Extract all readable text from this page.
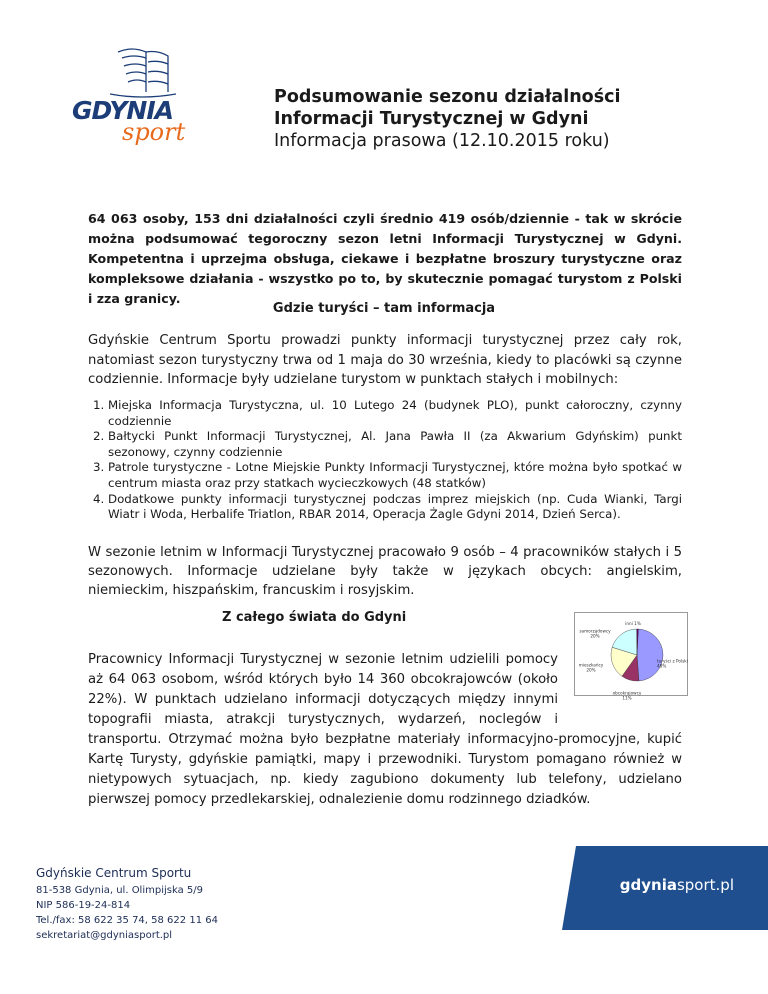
GDYNIA
sport
Podsumowanie sezonu działalności
Informacji Turystycznej w Gdyni
Informacja prasowa (12.10.2015 roku)
64 063 osoby, 153 dni działalności czyli średnio 419 osób/dziennie - tak w skrócie można podsumować tegoroczny sezon letni Informacji Turystycznej w Gdyni. Kompetentna i uprzejma obsługa, ciekawe i bezpłatne broszury turystyczne oraz kompleksowe działania - wszystko po to, by skutecznie pomagać turystom z Polski i zza granicy.
Gdzie turyści – tam informacja
Gdyńskie Centrum Sportu prowadzi punkty informacji turystycznej przez cały rok, natomiast sezon turystyczny trwa od 1 maja do 30 września, kiedy to placówki są czynne codziennie. Informacje były udzielane turystom w punktach stałych i mobilnych:
1. Miejska Informacja Turystyczna, ul. 10 Lutego 24 (budynek PLO), punkt całoroczny, czynny codziennie
2. Bałtycki Punkt Informacji Turystycznej, Al. Jana Pawła II (za Akwarium Gdyńskim) punkt sezonowy, czynny codziennie
3. Patrole turystyczne - Lotne Miejskie Punkty Informacji Turystycznej, które można było spotkać w centrum miasta oraz przy statkach wycieczkowych (48 statków)
4. Dodatkowe punkty informacji turystycznej podczas imprez miejskich (np. Cuda Wianki, Targi Wiatr i Woda, Herbalife Triatlon, RBAR 2014, Operacja Żagle Gdyni 2014, Dzień Serca).
W sezonie letnim w Informacji Turystycznej pracowało 9 osób – 4 pracowników stałych i 5 sezonowych. Informacje udzielane były także w językach obcych: angielskim, niemieckim, hiszpańskim, francuskim i rosyjskim.
Z całego świata do Gdyni
Pracownicy Informacji Turystycznej w sezonie letnim udzielili pomocy aż 64 063 osobom, wśród których było 14 360 obcokrajowców (około 22%). W punktach udzielano informacji dotyczących między innymi topografii miasta, atrakcji turystycznych, wydarzeń, noclegów i transportu. Otrzymać można było bezpłatne materiały informacyjno-promocyjne, kupić Kartę Turysty, gdyńskie pamiątki, mapy i przewodniki. Turystom pomagano również w nietypowych sytuacjach, np. kiedy zagubiono dokumenty lub telefony, udzielano pierwszej pomocy przedlekarskiej, odnalezienie domu rodzinnego dziadków.
turyści z Polski 48%
obcokrajowcy 11%
mieszkańcy 20%
samorządowcy 20%
inni 1%
Gdyńskie Centrum Sportu
81-538 Gdynia, ul. Olimpijska 5/9
NIP 586-19-24-814
Tel./fax: 58 622 35 74, 58 622 11 64
sekretariat@gdyniasport.pl
gdyniasport.pl
